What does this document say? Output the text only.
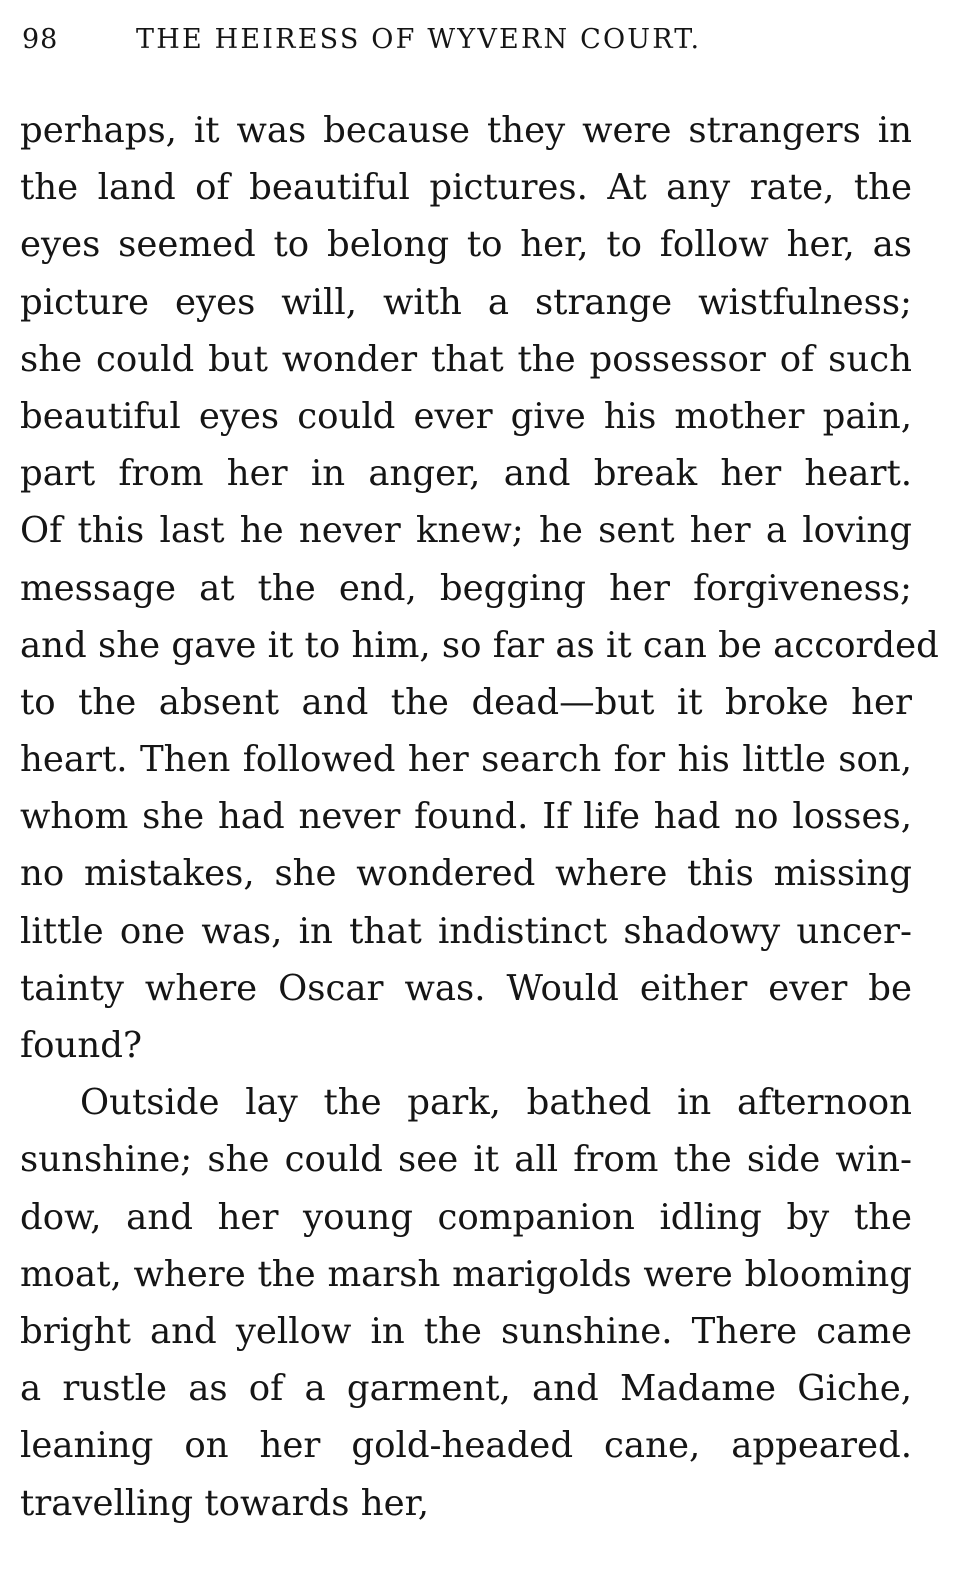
98	THE HEIRESS OF WYVERN COURT.
perhaps, it was because they were strangers in
the land of beautiful pictures. At any rate, the
eyes seemed to belong to her, to follow her, as
picture eyes will, with a strange wistfulness;
she could but wonder that the possessor of such
beautiful eyes could ever give his mother pain,
part from her in anger, and break her heart.
Of this last he never knew; he sent her a loving
message at the end, begging her forgiveness;
and she gave it to him, so far as it can be accorded
to the absent and the dead—but it broke her
heart. Then followed her search for his little son,
whom she had never found. If life had no losses,
no mistakes, she wondered where this missing
little one was, in that indistinct shadowy uncer-
tainty where Oscar was. Would either ever be
found?
Outside lay the park, bathed in afternoon
sunshine; she could see it all from the side win-
dow, and her young companion idling by the
moat, where the marsh marigolds were blooming
bright and yellow in the sunshine. There came
a rustle as of a garment, and Madame Giche,
leaning on her gold-headed cane, appeared.
travelling towards her,
